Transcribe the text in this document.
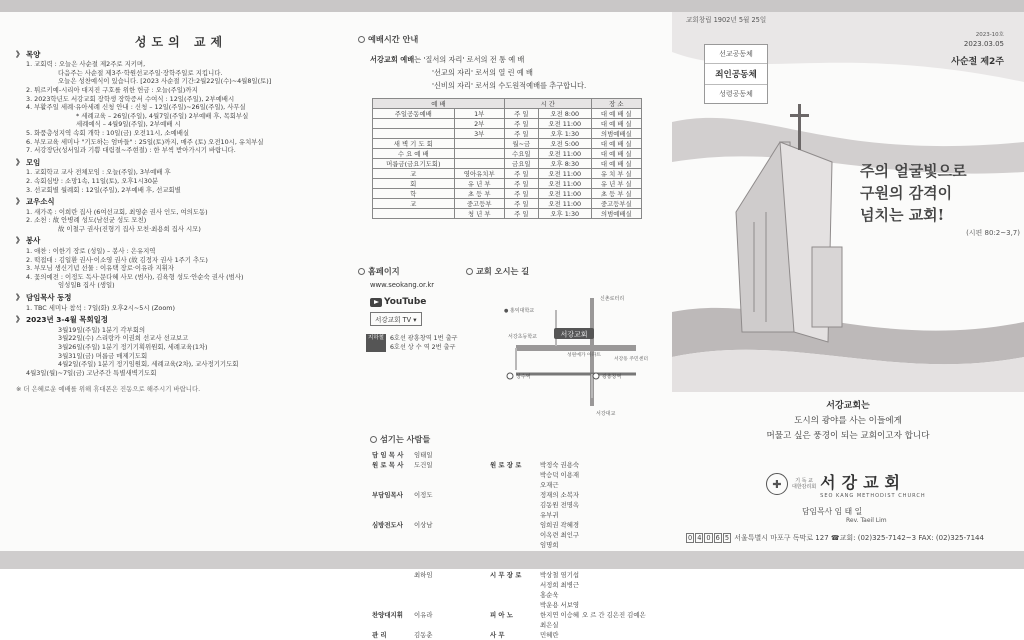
성도의 교제
》 목양
1. 교회력 : 오늘은 사순절 제2주로 지키며,
다음주는 사순절 제3주·학원선교주일·장학주일로 지킵니다.
오늘은 성찬예식이 있습니다. [2023 사순절 기간:2월22일(수)~4월8일(토)]
2. 튀르키예-시리아 대지진 구호를 위한 헌금 : 오늘(주일)까지
3. 2023학년도 서강교회 장학생 장학증서 수여식 : 12일(주일), 2부예배시
4. 부활주일 세례·유아세례 신청 안내 : 신청 – 12일(주일)~26일(주일), 사무실
* 세례교육 – 26일(주일), 4월7일(주일) 2부예배 후, 목회부실
세례예식 – 4월9일(주일), 2부예배 시
5. 화품층성지역 속회 개학 : 10일(금) 오전11시, 소예배실
6. 부모교육 세미나 "기도하는 엄마들" : 25일(토)까지, 매주 (토) 오전10시, 유치부실
7. 서강장단(성서일과 기쁨 대림절~주현절) : 한 부씩 받아가시기 바랍니다.
》 모임
1. 교회학교 교사 전체모임 : 오늘(주일), 3부예배 후
2. 속회심방 : 소망1속, 11일(토), 오후1시30분
3. 선교회별 월례회 : 12일(주일), 2부예배 후, 선교회별
》 교우소식
1. 새가족 : 이희란 집사 (6여선교회, 최영순 권사 인도, 여의도동)
2. 소천 : 故 안병례 성도(남선균 성도 모친)
故 이철구 권사(진형기 집사 모친·최용희 집사 시모)
》 봉사
1. 애찬 : 이한기 장로 (성일) – 봉사 : 은유지역
2. 떡접대 : 김일환 권사·이소영 권사 (故 김정자 권사 1주기 추도)
3. 부모님 생신기념 선물 : 이유택 장로·이유라 지휘자
4. 꽃의예전 : 이정도 독사·문다혜 사모 (범사), 김육형 성도·안순숙 권사 (범사)
임성일B 집사 (생일)
》 담임목사 동정
1. TBC 세미나 참석 : 7일(화) 오후2시~5시 (Zoom)
》 2023년 3-4월 목회일정
3월19일(주일) 1분기 각부회의
3월22일(수) 스리랑카 이권희 선교사 선교보고
3월26일(주일) 1분기 정기기획위원회, 세례교육(1차)
3월31일(금) 머릅금 매제기도회
4월2일(주일) 1분기 정기임원회, 세례교육(2차), 교사정기기도회
4월3일(월)~7일(금) 고난주간 특별새벽기도회
※ 더 은혜로운 예배를 위해 휴대폰은 진동으로 해주시기 바랍니다.
예배시간 안내
서강교회 예배는 '질서의 자리' 로서의 전 통 예 배
'선교의 자리' 로서의 열 린 예 배
'신비의 자리' 로서의 수도원적예배를 추구합니다.
예 배		시 간		장 소
주일공동예배	1부	주 일	오전 8:00	대 예 배 실
	2부	주 일	오전 11:00	대 예 배 실
	3부	주 일	오후 1:30	의범예배실
새 벽 기 도 회		월~금	오전 5:00	대 예 배 실
수 요 예 배		수요일	오전 11:00	대 예 배 실
머릅금(금요기도회)		금요일	오후 8:30	대 예 배 실
교	영아유치부	주 일	오전 11:00	유 치 부 실
회	유 년 부	주 일	오전 11:00	유 년 부 실
학	초 등 부	주 일	오전 11:00	초 등 부 실
교	중고등부	주 일	오전 11:00	중고등부실
	청 년 부	주 일	오후 1:30	의범예배실
홈페이지
www.seokang.or.kr
YouTube
서강교회 TV ▾
지하철 6호선 광흥창역 1번 출구
6호선 상 수 역 2번 출구
교회 오시는 길
서강교회
● 홍익대학교
신촌로터리
서강초등학교
성원예가 아파트
서강동 주민센터
상수역	광흥창역
서강대교
섬기는 사람들
담 임 목 사	임태일
원 로 목 사	도건일	원 로 장 로	박정숙 권용숙 박승덕 이용재 오재근
부담임목사	이정도	정재의 소복자 김동원 전명옥 유부귀
심방전도사	이상남	임희권 곽혜경 이옥련 최인구 임명희
최하임	시 무 장 로	박상철 염기섭 서정희 최병근 홍순욱
박운용 서보영
찬양대지휘	이유라	피 아 노	한지연 이승혜 최은실
오 르 간 김은진 김예은
관 리	김동춘	사 무	민혜란
교회창립 1902년 5월 25일
2023-10호
2023.03.05
사순절 제2주
선교공동체
죄인공동체
성령공동체
주의 얼굴빛으로
구원의 감격이
넘치는 교회!
(시편 80:2~3,7)
서강교회는
도시의 광야를 사는 이들에게
머물고 싶은 풍경이 되는 교회이고자 합니다
✚	기 독 교
대한감리회 서강교회
SEO KANG METHODIST CHURCH
담임목사 임 태 일
Rev. Taeil Lim
0 4 0 6 5 서울특별시 마포구 독막로 127 ☎교회: (02)325-7142~3 FAX: (02)325-7144
